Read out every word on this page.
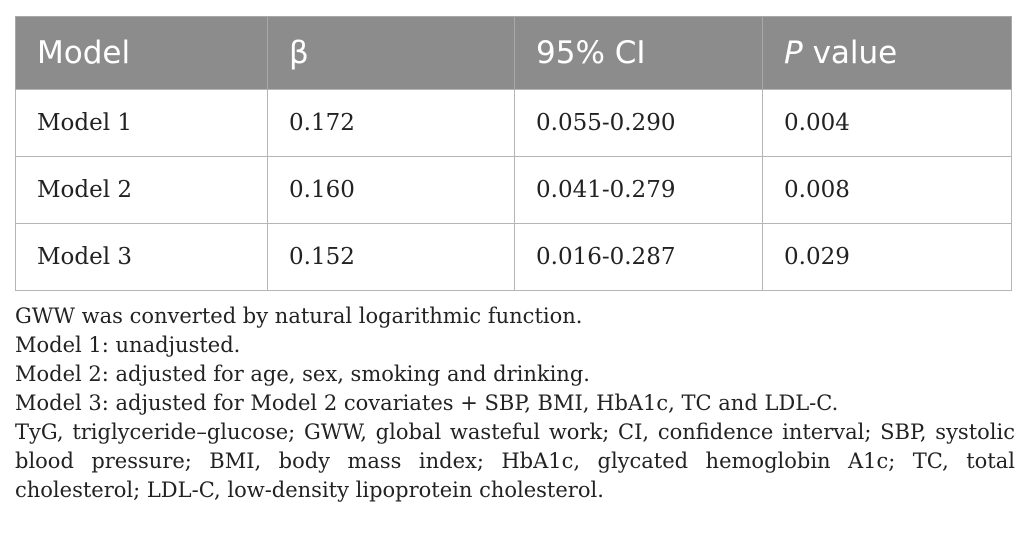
Model	β	95% CI	P value
Model 1	0.172	0.055-0.290	0.004
Model 2	0.160	0.041-0.279	0.008
Model 3	0.152	0.016-0.287	0.029

GWW was converted by natural logarithmic function.

Model 1: unadjusted.

Model 2: adjusted for age, sex, smoking and drinking.

Model 3: adjusted for Model 2 covariates + SBP, BMI, HbA1c, TC and LDL-C.

TyG, triglyceride–glucose; GWW, global wasteful work; CI, confidence interval; SBP, systolic blood pressure; BMI, body mass index; HbA1c, glycated hemoglobin A1c; TC, total cholesterol; LDL-C, low-density lipoprotein cholesterol.
